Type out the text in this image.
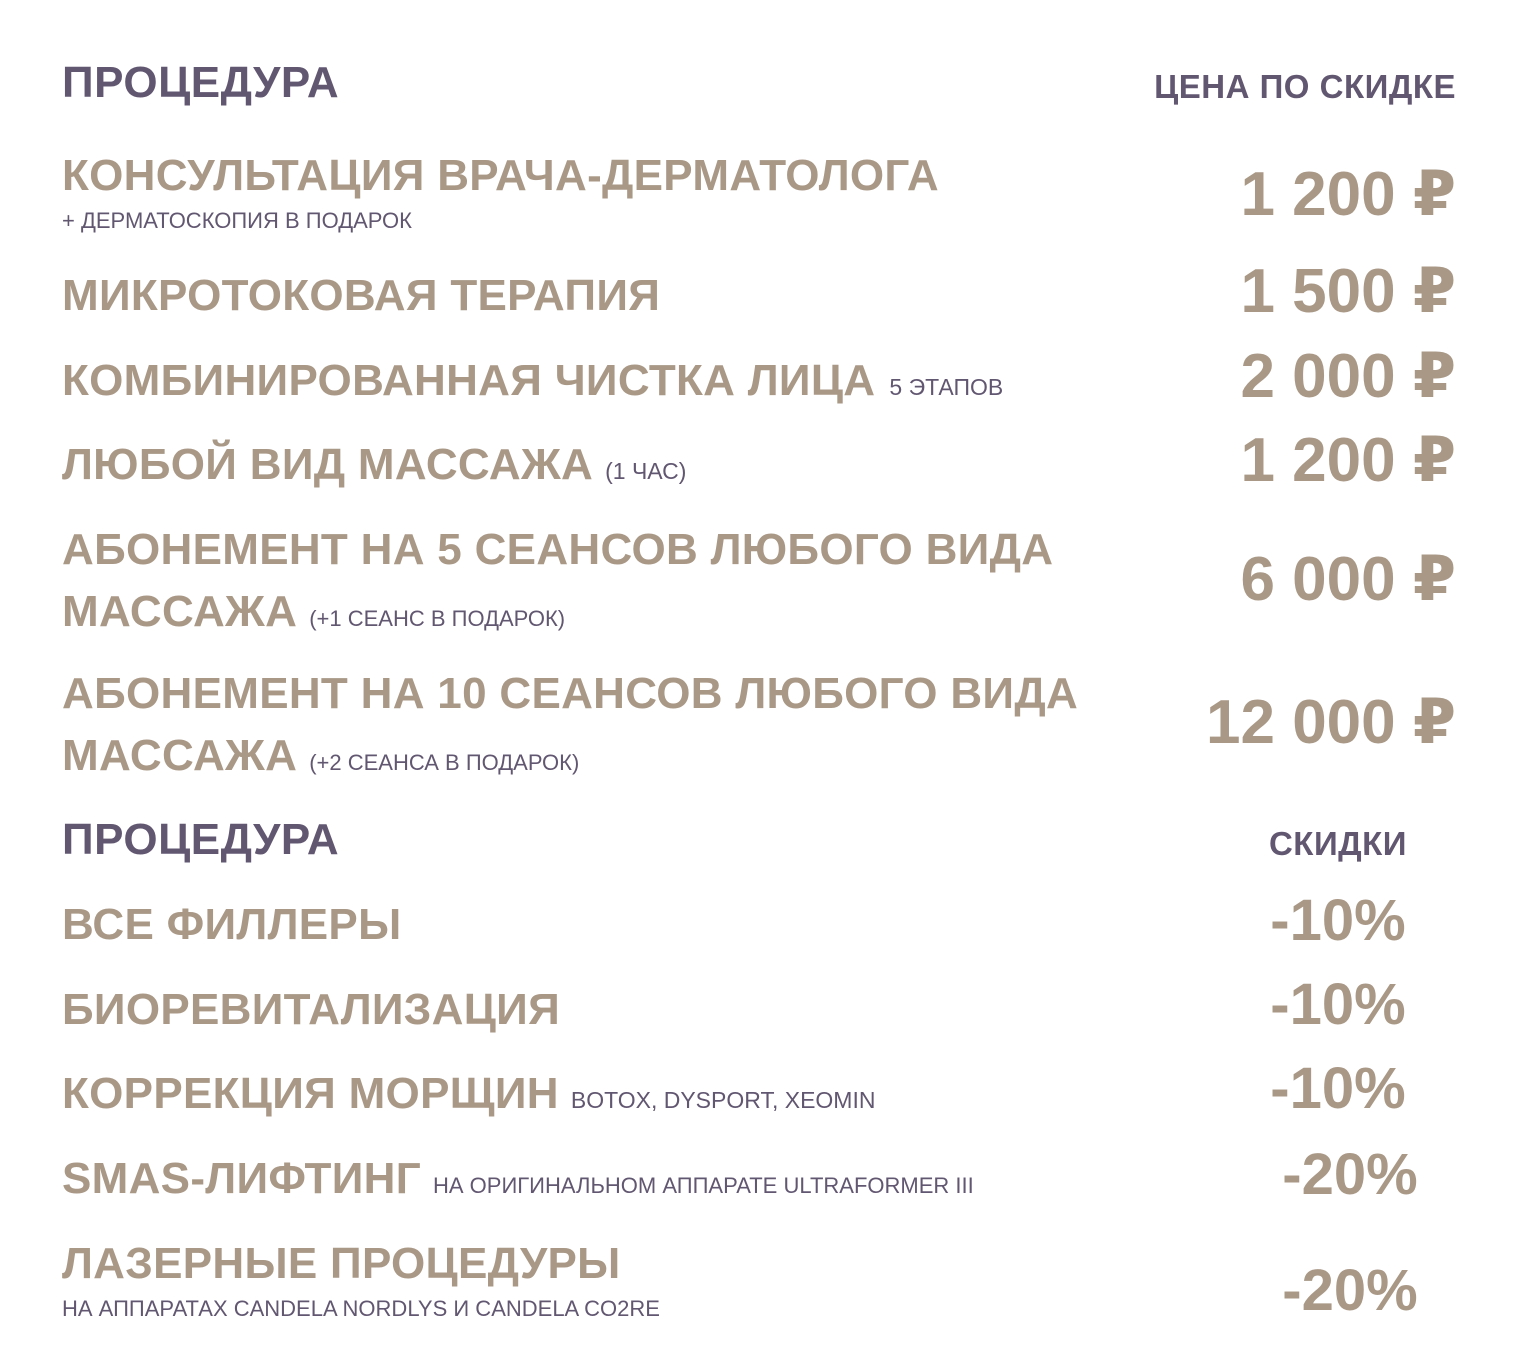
ПРОЦЕДУРА	ЦЕНА ПО СКИДКЕ
КОНСУЛЬТАЦИЯ ВРАЧА-ДЕРМАТОЛОГА
+ ДЕРМАТОСКОПИЯ В ПОДАРОК	1 200 ₽
МИКРОТОКОВАЯ ТЕРАПИЯ	1 500 ₽
КОМБИНИРОВАННАЯ ЧИСТКА ЛИЦА 5 ЭТАПОВ	2 000 ₽
ЛЮБОЙ ВИД МАССАЖА (1 ЧАС)	1 200 ₽
АБОНЕМЕНТ НА 5 СЕАНСОВ ЛЮБОГО ВИДА
МАССАЖА (+1 СЕАНС В ПОДАРОК)
6 000 ₽
АБОНЕМЕНТ НА 10 СЕАНСОВ ЛЮБОГО ВИДА
МАССАЖА (+2 СЕАНСА В ПОДАРОК)
12 000 ₽
ПРОЦЕДУРА	СКИДКИ
ВСЕ ФИЛЛЕРЫ	-10%
БИОРЕВИТАЛИЗАЦИЯ	-10%
КОРРЕКЦИЯ МОРЩИН BOTOX, DYSPORT, XEOMIN	-10%
SMAS-ЛИФТИНГ НА ОРИГИНАЛЬНОМ АППАРАТЕ ULTRAFORMER III	-20%
ЛАЗЕРНЫЕ ПРОЦЕДУРЫ
НА АППАРАТАХ CANDELA NORDLYS И CANDELA CO2RE	-20%
